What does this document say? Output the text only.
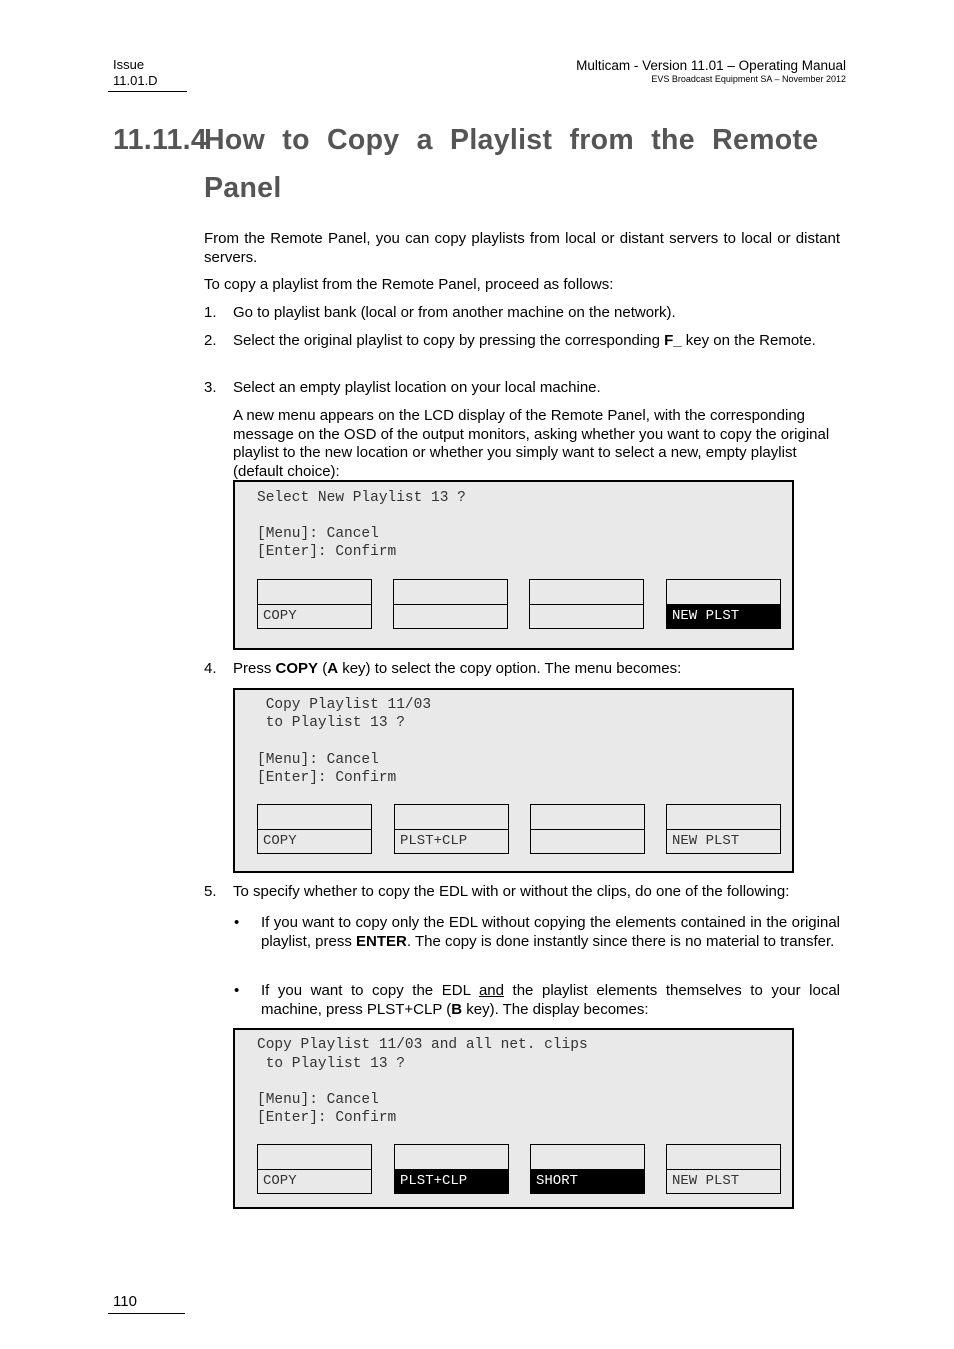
Issue
11.01.D
Multicam - Version 11.01 – Operating Manual
EVS Broadcast Equipment SA – November 2012
11.11.4How to Copy a Playlist from the Remote
Panel
From the Remote Panel, you can copy playlists from local or distant servers to local or distant servers.
To copy a playlist from the Remote Panel, proceed as follows:
1. Go to playlist bank (local or from another machine on the network).
2. Select the original playlist to copy by pressing the corresponding F_ key on the Remote.
3. Select an empty playlist location on your local machine.
A new menu appears on the LCD display of the Remote Panel, with the corresponding message on the OSD of the output monitors, asking whether you want to copy the original playlist to the new location or whether you simply want to select a new, empty playlist (default choice):
Select New Playlist 13 ?
[Menu]: Cancel
[Enter]: Confirm
COPY	NEW PLST
4. Press COPY (A key) to select the copy option. The menu becomes:
Copy Playlist 11/03
to Playlist 13 ?
[Menu]: Cancel
[Enter]: Confirm
COPY	PLST+CLP	NEW PLST
5. To specify whether to copy the EDL with or without the clips, do one of the following:
• If you want to copy only the EDL without copying the elements contained in the original playlist, press ENTER. The copy is done instantly since there is no material to transfer.
• If you want to copy the EDL and the playlist elements themselves to your local machine, press PLST+CLP (B key). The display becomes:
Copy Playlist 11/03 and all net. clips
to Playlist 13 ?
[Menu]: Cancel
[Enter]: Confirm
COPY	PLST+CLP	SHORT	NEW PLST
110
